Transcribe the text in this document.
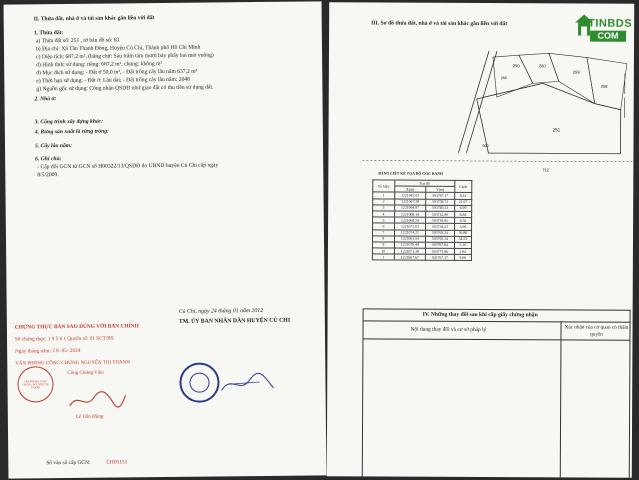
II. Thửa đất, nhà ở và tài sản khác gắn liền với đất
1. Thửa đất:
a) Thửa đất số: 251 , tờ bản đồ số: 63
b) Địa chỉ: Xã Tân Thạnh Đông, Huyện Củ Chi, Thành phố Hồ Chí Minh
c) Diện tích: 687,2 m², (bằng chữ: Sáu trăm tám mươi bảy phẩy hai mét vuông)
d) Hình thức sử dụng: riêng: 687,2 m², chung: không m²
đ) Mục đích sử dụng: - Đất ở 50,0 m², - Đất trồng cây lâu năm 637,2 m²
e) Thời hạn sử dụng: - Đất ở: Lâu dài; - Đất trồng cây lâu năm: 2048
g) Nguồn gốc sử dụng: Công nhận QSDĐ như giao đất có thu tiền sử dụng đất.
2. Nhà ở:
3. Công trình xây dựng khác:
4. Rừng sản xuất là rừng trồng:
5. Cây lâu năm:
6. Ghi chú:
- Cấp đổi GCN từ GCN số H00322/13/QSDĐ do UBND huyện Củ Chi cấp ngày
8/5/2009.
CHỨNG THỰC BẢN SAO ĐÚNG VỚI BẢN CHÍNH
Số chứng thực: 1 9 5 6 1 Quyển số: 01 SCT/BS
Ngày tháng năm: 2 8 -05- 2024
VĂN PHÒNG CÔNG CHỨNG NGUYỄN THỊ THANH
Công Chứng Viên
VĂN PHÒNG CÔNG CHỨNG NGUYỄN THỊ THANH
Lê Văn Hùng
Củ Chi, ngày 24 tháng 01 năm 2012
TM. ỦY BAN NHÂN DÂN HUYỆN CỦ CHI
Số vào sổ cấp GCN:	CH05151
III. Sơ đồ thửa đất, nhà ở và tài sản khác gắn liền với đất
250	260
259
258
251
500
712
255
BẢNG LIỆT KÊ TỌA ĐỘ GÓC RANH
Số hiệu	Tọa độ		Cạnh
	X(m)	Y(m)	
1	1221067.67	593767.17	8.14
2	1221067.38	593758.72	21.97
3	1221064.97	593749.23	6.99
4	1221068.14	593742.90	6.84
5	1221069.24	593739.85	9.56
6	1221072.02	593734.22	3.99
7	1221074.21	593765.24	39.88
8	1221061.54	593765.14	34.53
9	1221070.44	593767.84	5.10
10	1221071.38	593775.96	2.04
1	1221067.67	593767.17	9.08
IV. Những thay đổi sau khi cấp giấy chứng nhận
Nội dung thay đổi và cơ sở pháp lý	Xác nhận của cơ quan có thẩm quyền
TINBDS
COM
